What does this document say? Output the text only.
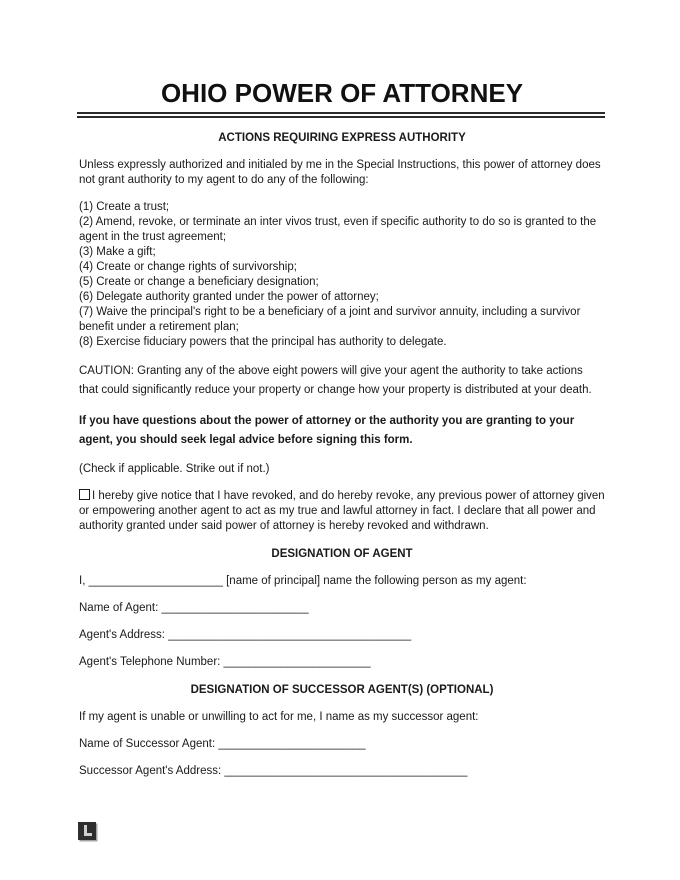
OHIO POWER OF ATTORNEY
ACTIONS REQUIRING EXPRESS AUTHORITY

Unless expressly authorized and initialed by me in the Special Instructions, this power of attorney does not grant authority to my agent to do any of the following:

(1) Create a trust;
(2) Amend, revoke, or terminate an inter vivos trust, even if specific authority to do so is granted to the agent in the trust agreement;
(3) Make a gift;
(4) Create or change rights of survivorship;
(5) Create or change a beneficiary designation;
(6) Delegate authority granted under the power of attorney;
(7) Waive the principal's right to be a beneficiary of a joint and survivor annuity, including a survivor benefit under a retirement plan;
(8) Exercise fiduciary powers that the principal has authority to delegate.

CAUTION: Granting any of the above eight powers will give your agent the authority to take actions that could significantly reduce your property or change how your property is distributed at your death.

If you have questions about the power of attorney or the authority you are granting to your agent, you should seek legal advice before signing this form.

(Check if applicable. Strike out if not.)

I hereby give notice that I have revoked, and do hereby revoke, any previous power of attorney given or empowering another agent to act as my true and lawful attorney in fact. I declare that all power and authority granted under said power of attorney is hereby revoked and withdrawn.

DESIGNATION OF AGENT

I, _____________________ [name of principal] name the following person as my agent:

Name of Agent: _______________________

Agent's Address: ______________________________________

Agent's Telephone Number: _______________________

DESIGNATION OF SUCCESSOR AGENT(S) (OPTIONAL)

If my agent is unable or unwilling to act for me, I name as my successor agent:

Name of Successor Agent: _______________________

Successor Agent's Address: ______________________________________
